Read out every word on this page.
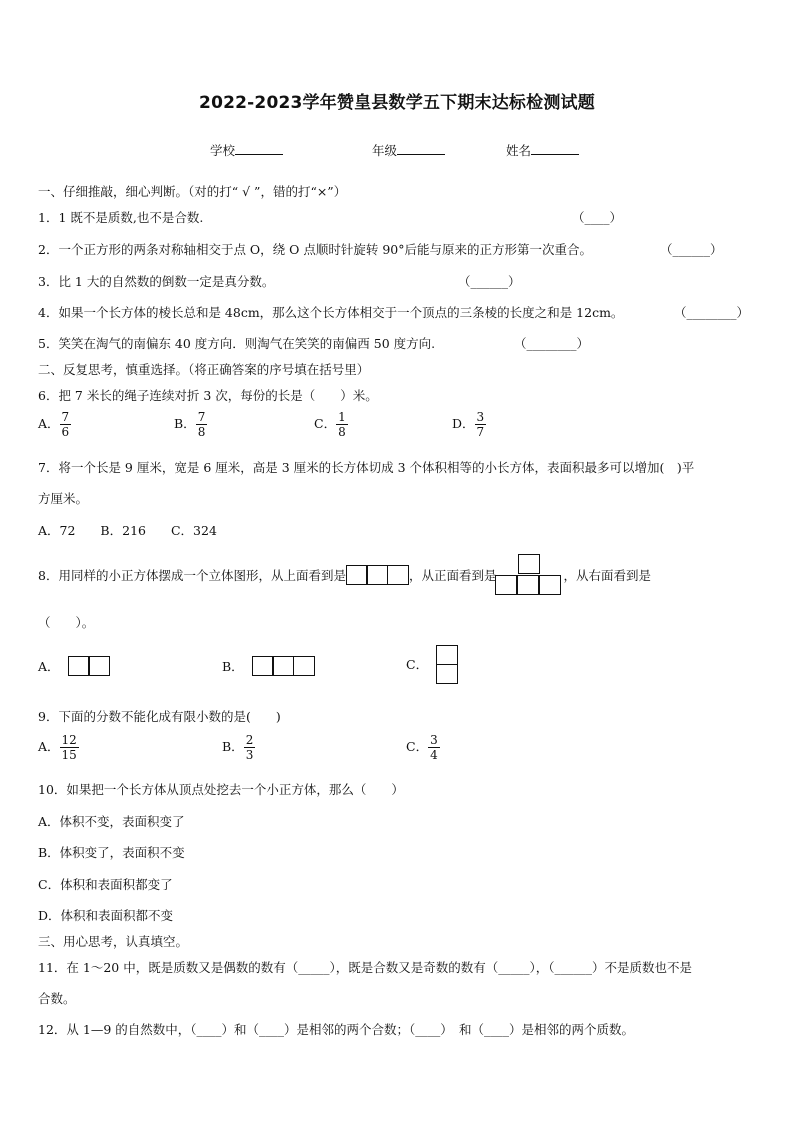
2022-2023学年赞皇县数学五下期末达标检测试题
学校	年级	姓名
一、仔细推敲，细心判断。（对的打“ √ ”，错的打“×”）
1．1 既不是质数,也不是合数.	（____）
2．一个正方形的两条对称轴相交于点 O，绕 O 点顺时针旋转 90°后能与原来的正方形第一次重合。	（______）
3．比 1 大的自然数的倒数一定是真分数。	（______）
4．如果一个长方体的棱长总和是 48cm，那么这个长方体相交于一个顶点的三条棱的长度之和是 12cm。	（________）
5．笑笑在淘气的南偏东 40 度方向．则淘气在笑笑的南偏西 50 度方向.	（________）
二、反复思考，慎重选择。（将正确答案的序号填在括号里）
6．把 7 米长的绳子连续对折 3 次，每份的长是（　　）米。
A． $\frac{7}{6}$	B． $\frac{7}{8}$	C． $\frac{1}{8}$	D． $\frac{3}{7}$
7．将一个长是 9 厘米，宽是 6 厘米，高是 3 厘米的长方体切成 3 个体积相等的小长方体，表面积最多可以增加(　)平
方厘米。
A．72　　B．216　　C．324
8．用同样的小正方体摆成一个立体图形，从上面看到是	，从正面看到是	，从右面看到是
（　　）。
A．	B．	C．
9．下面的分数不能化成有限小数的是(　　)
A． $\frac{12}{15}$	B． $\frac{2}{3}$	C． $\frac{3}{4}$
10．如果把一个长方体从顶点处挖去一个小正方体，那么（　　）
A．体积不变，表面积变了
B．体积变了，表面积不变
C．体积和表面积都变了
D．体积和表面积都不变
三、用心思考，认真填空。
11．在 1～20 中，既是质数又是偶数的数有（_____），既是合数又是奇数的数有（_____），（______）不是质数也不是
合数。
12．从 1—9 的自然数中，（____）和（____）是相邻的两个合数；（____）　和（____）是相邻的两个质数。
